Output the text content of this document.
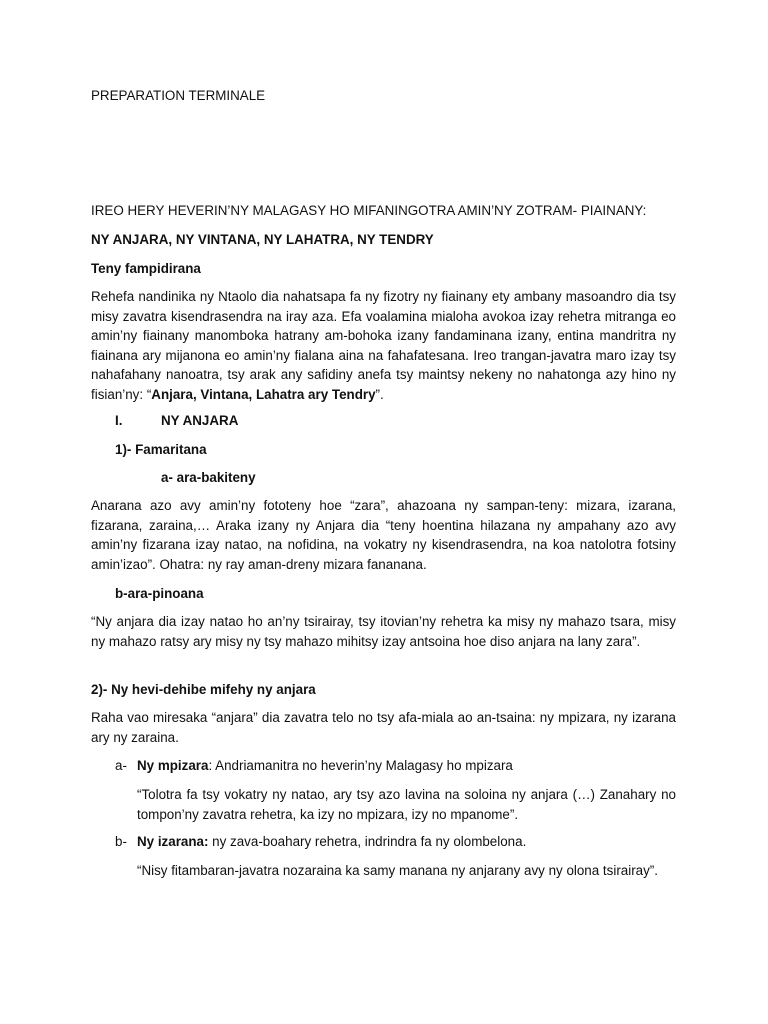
PREPARATION TERMINALE

IREO HERY HEVERIN’NY MALAGASY HO MIFANINGOTRA AMIN’NY ZOTRAM- PIAINANY:

NY ANJARA, NY VINTANA, NY LAHATRA, NY TENDRY

Teny fampidirana

Rehefa nandinika ny Ntaolo dia nahatsapa fa ny fizotry ny fiainany ety ambany masoandro dia tsy misy zavatra kisendrasendra na iray aza. Efa voalamina mialoha avokoa izay rehetra mitranga eo amin’ny fiainany manomboka hatrany am-bohoka izany fandaminana izany, entina mandritra ny fiainana ary mijanona eo amin’ny fialana aina na fahafatesana. Ireo trangan-javatra maro izay tsy nahafahany nanoatra, tsy arak any safidiny anefa tsy maintsy nekeny no nahatonga azy hino ny fisian’ny: “Anjara, Vintana, Lahatra ary Tendry”.

I.	NY ANJARA

1)- Famaritana

a- ara-bakiteny

Anarana azo avy amin’ny fototeny hoe “zara”, ahazoana ny sampan-teny: mizara, izarana, fizarana, zaraina,… Araka izany ny Anjara dia “teny hoentina hilazana ny ampahany azo avy amin’ny fizarana izay natao, na nofidina, na vokatry ny kisendrasendra, na koa natolotra fotsiny amin’izao”. Ohatra: ny ray aman-dreny mizara fananana.

b-ara-pinoana

“Ny anjara dia izay natao ho an’ny tsirairay, tsy itovian’ny rehetra ka misy ny mahazo tsara, misy ny mahazo ratsy ary misy ny tsy mahazo mihitsy izay antsoina hoe diso anjara na lany zara”.

2)- Ny hevi-dehibe mifehy ny anjara

Raha vao miresaka “anjara” dia zavatra telo no tsy afa-miala ao an-tsaina: ny mpizara, ny izarana ary ny zaraina.

a- Ny mpizara: Andriamanitra no heverin’ny Malagasy ho mpizara

“Tolotra fa tsy vokatry ny natao, ary tsy azo lavina na soloina ny anjara (…) Zanahary no tompon’ny zavatra rehetra, ka izy no mpizara, izy no mpanome”.

b- Ny izarana: ny zava-boahary rehetra, indrindra fa ny olombelona.

“Nisy fitambaran-javatra nozaraina ka samy manana ny anjarany avy ny olona tsirairay”.
